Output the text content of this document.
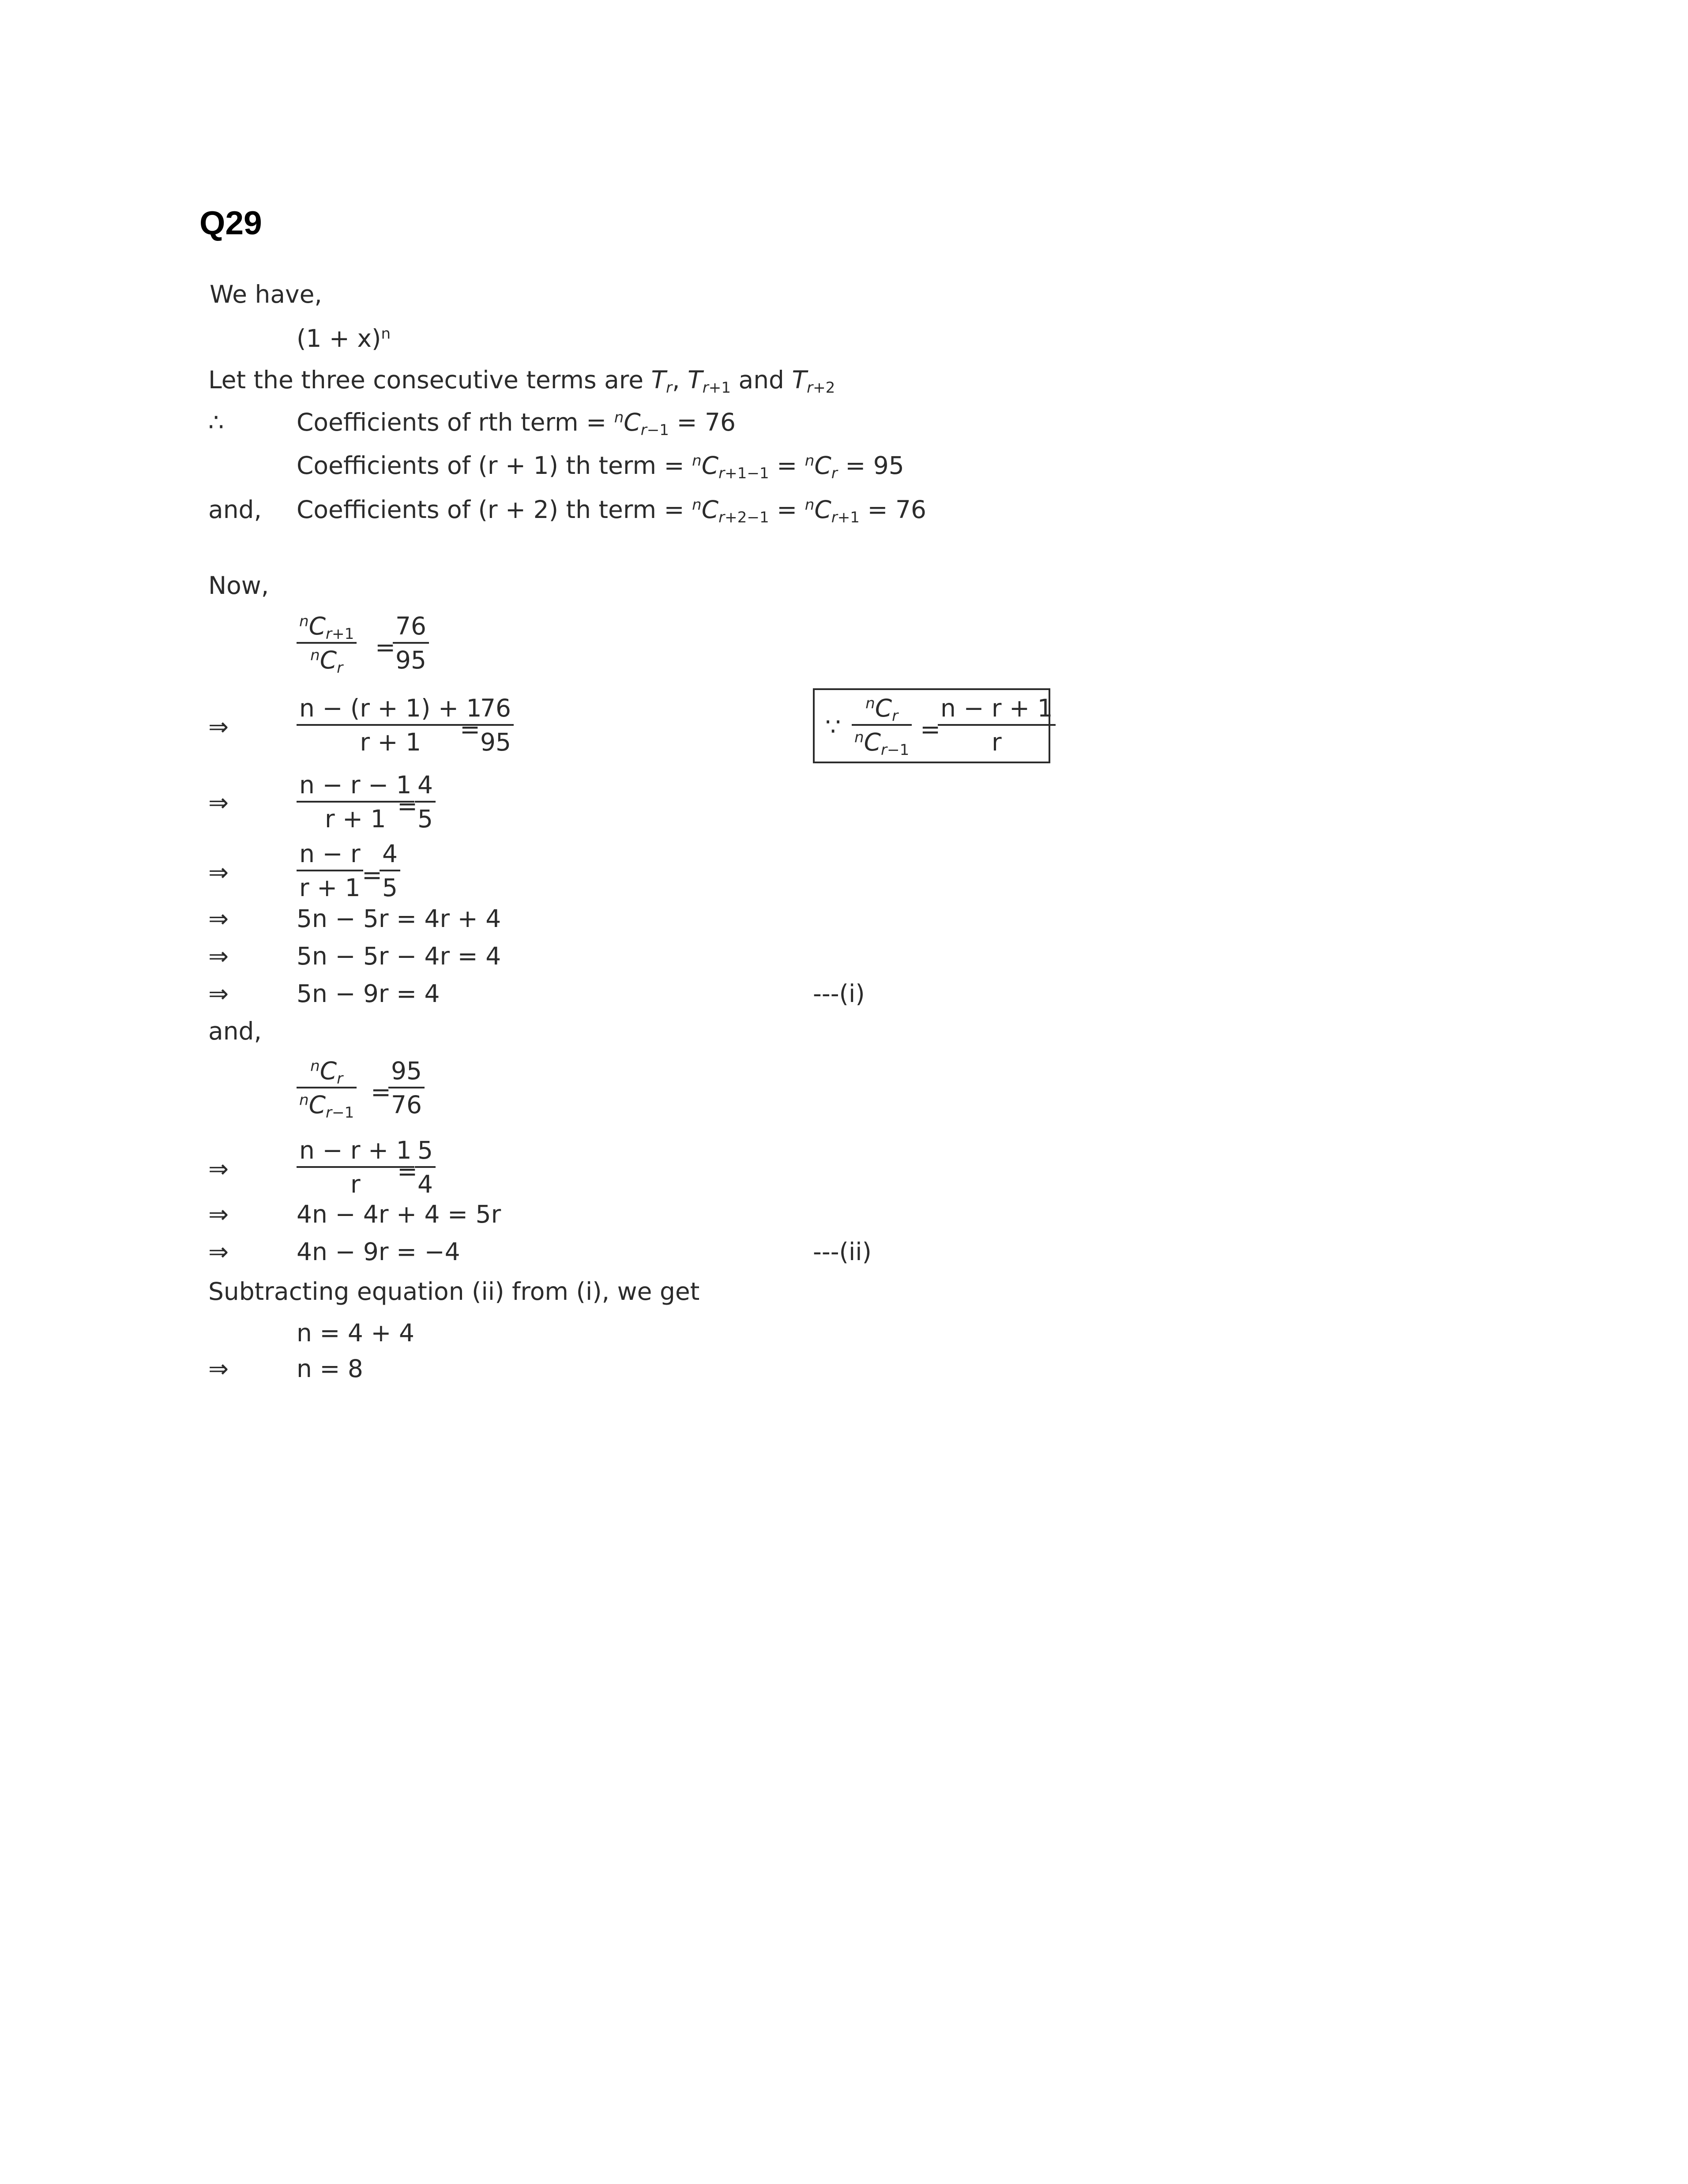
Q29
We have,
$(1 + x)^n$
Let the three consecutive terms are $T_r$, $T_{r+1}$ and $T_{r+2}$
∴	Coefficients of rth term = $^nC_{r-1} = 76$
Coefficients of (r + 1) th term = $^nC_{r+1-1} = ^nC_r = 95$
and, Coefficients of (r + 2) th term = $^nC_{r+2-1} = ^nC_{r+1} = 76$
Now,
$^nC_{r+1}$
$^nC_r$
=
76
95
⇒
n − (r + 1) + 1
r + 1 =
76
95
∵
$^nC_r$
$^nC_{r-1}$
=
n − r + 1
r
⇒
n − r − 1
r + 1 =
4
5
⇒
n − r
r + 1 =
4
5
⇒	5n − 5r = 4r + 4
⇒	5n − 5r − 4r = 4
⇒	5n − 9r = 4	---(i)
and,
$^nC_r$
$^nC_{r-1}$
=
95
76
⇒
n − r + 1
r =
5
4
⇒	4n − 4r + 4 = 5r
⇒	4n − 9r = −4	---(ii)
Subtracting equation (ii) from (i), we get
n = 4 + 4
⇒	n = 8
